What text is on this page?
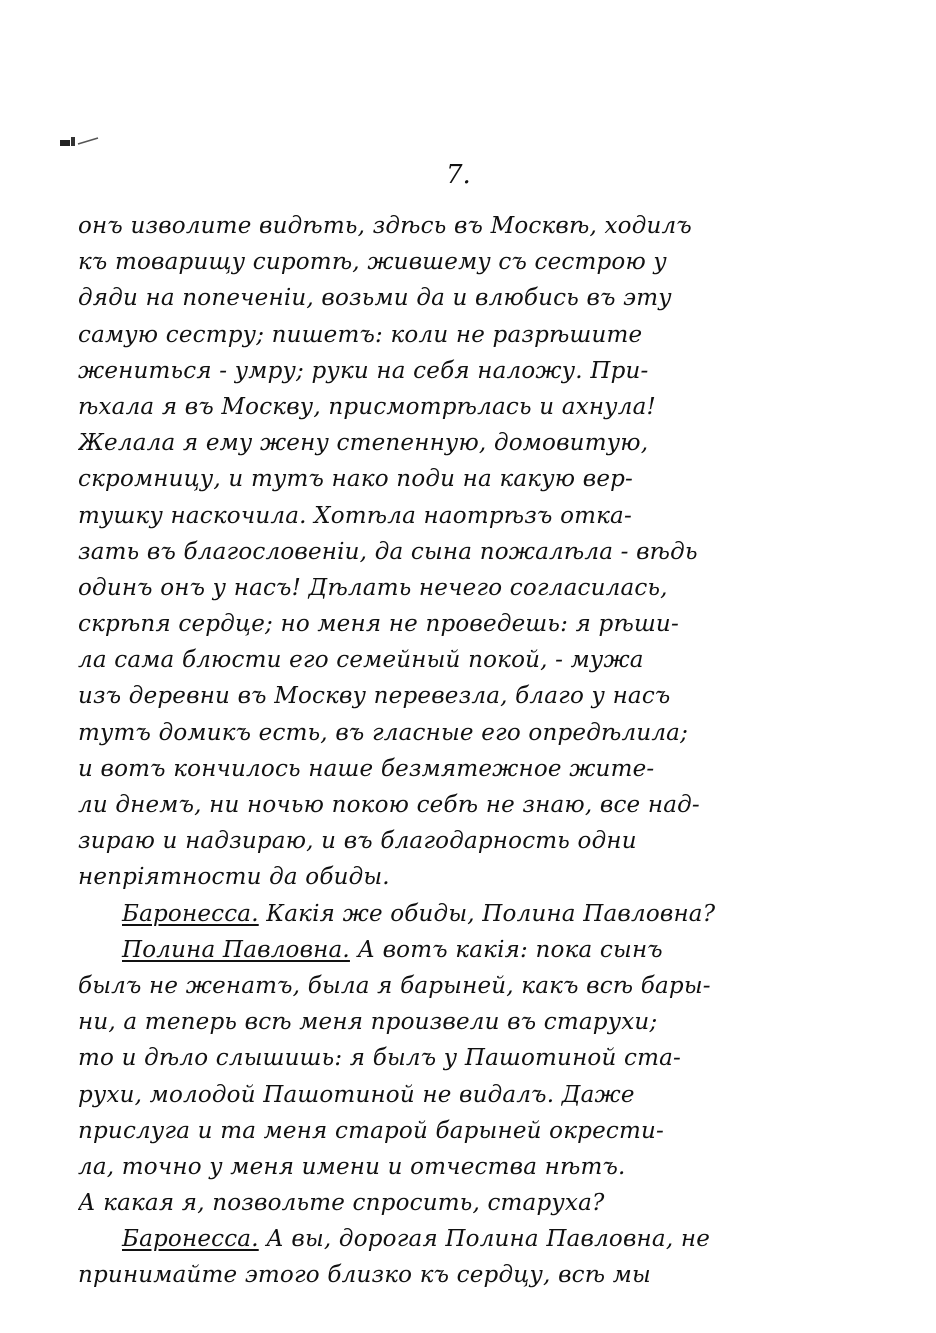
7.
онъ изволите видѣть, здѣсь въ Москвѣ, ходилъ
къ товарищу сиротѣ, жившему съ сестрою у
дяди на попеченіи, возьми да и влюбись въ эту
самую сестру; пишетъ: коли не разрѣшите
жениться - умру; руки на себя наложу. При-
ѣхала я въ Москву, присмотрѣлась и ахнула!
Желала я ему жену степенную, домовитую,
скромницу, и тутъ нако поди на какую вер-
тушку наскочила. Хотѣла наотрѣзъ отка-
зать въ благословеніи, да сына пожалѣла - вѣдь
одинъ онъ у насъ! Дѣлать нечего согласилась,
скрѣпя сердце; но меня не проведешь: я рѣши-
ла сама блюсти его семейный покой, - мужа
изъ деревни въ Москву перевезла, благо у насъ
тутъ домикъ есть, въ гласные его опредѣлила;
и вотъ кончилось наше безмятежное жите-
ли днемъ, ни ночью покою себѣ не знаю, все над-
зираю и надзираю, и въ благодарность одни
непріятности да обиды.
Баронесса. Какія же обиды, Полина Павловна?
Полина Павловна. А вотъ какія: пока сынъ
былъ не женатъ, была я барыней, какъ всѣ бары-
ни, а теперь всѣ меня произвели въ старухи;
то и дѣло слышишь: я былъ у Пашотиной ста-
рухи, молодой Пашотиной не видалъ. Даже
прислуга и та меня старой барыней окрести-
ла, точно у меня имени и отчества нѣтъ.
А какая я, позвольте спросить, старуха?
Баронесса. А вы, дорогая Полина Павловна, не
принимайте этого близко къ сердцу, всѣ мы
